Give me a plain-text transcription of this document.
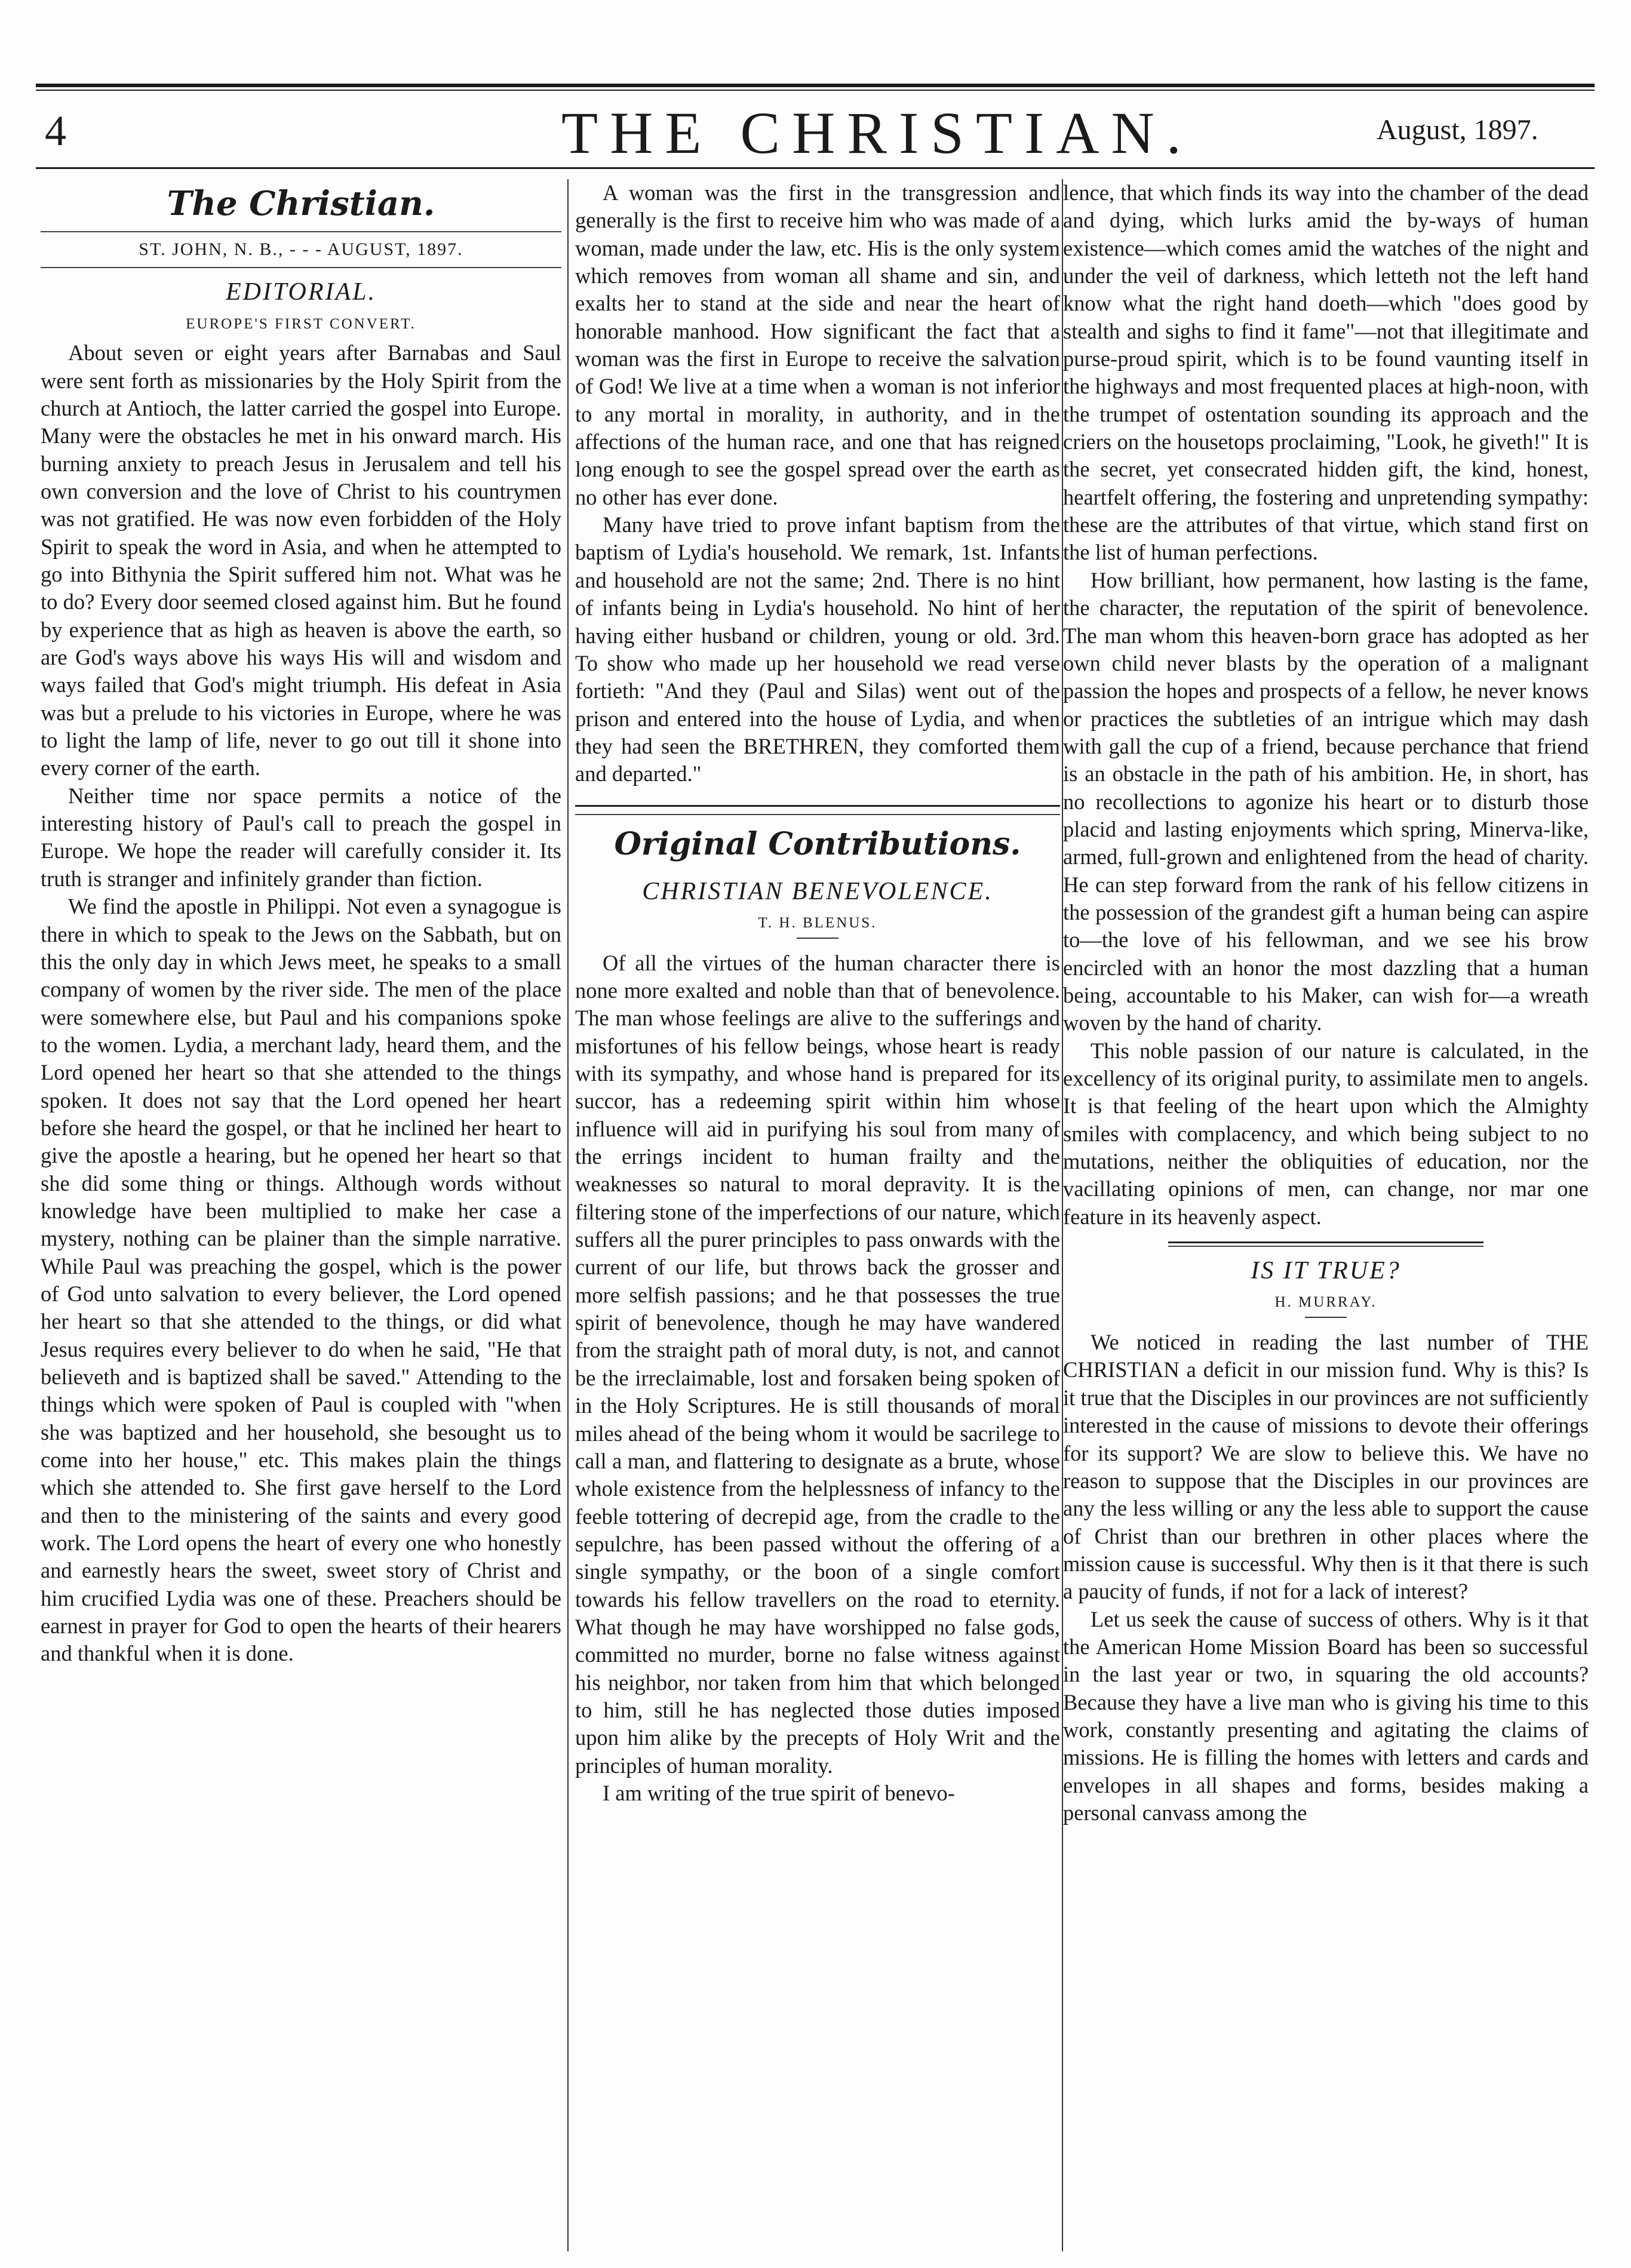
4	THE CHRISTIAN.	August, 1897.
The Christian.
ST. JOHN, N. B., - - - AUGUST, 1897.
EDITORIAL.
EUROPE'S FIRST CONVERT.

About seven or eight years after Barnabas and Saul were sent forth as missionaries by the Holy Spirit from the church at Antioch, the latter carried the gospel into Europe. Many were the obstacles he met in his onward march. His burning anxiety to preach Jesus in Jerusalem and tell his own conversion and the love of Christ to his countrymen was not gratified. He was now even forbidden of the Holy Spirit to speak the word in Asia, and when he attempted to go into Bithynia the Spirit suffered him not. What was he to do? Every door seemed closed against him. But he found by experience that as high as heaven is above the earth, so are God's ways above his ways His will and wisdom and ways failed that God's might triumph. His defeat in Asia was but a prelude to his victories in Europe, where he was to light the lamp of life, never to go out till it shone into every corner of the earth.

Neither time nor space permits a notice of the interesting history of Paul's call to preach the gospel in Europe. We hope the reader will carefully consider it. Its truth is stranger and infinitely grander than fiction.

We find the apostle in Philippi. Not even a synagogue is there in which to speak to the Jews on the Sabbath, but on this the only day in which Jews meet, he speaks to a small company of women by the river side. The men of the place were somewhere else, but Paul and his companions spoke to the women. Lydia, a merchant lady, heard them, and the Lord opened her heart so that she attended to the things spoken. It does not say that the Lord opened her heart before she heard the gospel, or that he inclined her heart to give the apostle a hearing, but he opened her heart so that she did some thing or things. Although words without knowledge have been multiplied to make her case a mystery, nothing can be plainer than the simple narrative. While Paul was preaching the gospel, which is the power of God unto salvation to every believer, the Lord opened her heart so that she attended to the things, or did what Jesus requires every believer to do when he said, "He that believeth and is baptized shall be saved." Attending to the things which were spoken of Paul is coupled with "when she was baptized and her household, she besought us to come into her house," etc. This makes plain the things which she attended to. She first gave herself to the Lord and then to the ministering of the saints and every good work. The Lord opens the heart of every one who honestly and earnestly hears the sweet, sweet story of Christ and him crucified Lydia was one of these. Preachers should be earnest in prayer for God to open the hearts of their hearers and thankful when it is done.

A woman was the first in the transgression and generally is the first to receive him who was made of a woman, made under the law, etc. His is the only system which removes from woman all shame and sin, and exalts her to stand at the side and near the heart of honorable manhood. How significant the fact that a woman was the first in Europe to receive the salvation of God! We live at a time when a woman is not inferior to any mortal in morality, in authority, and in the affections of the human race, and one that has reigned long enough to see the gospel spread over the earth as no other has ever done.

Many have tried to prove infant baptism from the baptism of Lydia's household. We remark, 1st. Infants and household are not the same; 2nd. There is no hint of infants being in Lydia's household. No hint of her having either husband or children, young or old. 3rd. To show who made up her household we read verse fortieth: "And they (Paul and Silas) went out of the prison and entered into the house of Lydia, and when they had seen the BRETHREN, they comforted them and departed."

Original Contributions.
CHRISTIAN BENEVOLENCE.
T. H. BLENUS.

Of all the virtues of the human character there is none more exalted and noble than that of benevolence. The man whose feelings are alive to the sufferings and misfortunes of his fellow beings, whose heart is ready with its sympathy, and whose hand is prepared for its succor, has a redeeming spirit within him whose influence will aid in purifying his soul from many of the errings incident to human frailty and the weaknesses so natural to moral depravity. It is the filtering stone of the imperfections of our nature, which suffers all the purer principles to pass onwards with the current of our life, but throws back the grosser and more selfish passions; and he that possesses the true spirit of benevolence, though he may have wandered from the straight path of moral duty, is not, and cannot be the irreclaimable, lost and forsaken being spoken of in the Holy Scriptures. He is still thousands of moral miles ahead of the being whom it would be sacrilege to call a man, and flattering to designate as a brute, whose whole existence from the helplessness of infancy to the feeble tottering of decrepid age, from the cradle to the sepulchre, has been passed without the offering of a single sympathy, or the boon of a single comfort towards his fellow travellers on the road to eternity. What though he may have worshipped no false gods, committed no murder, borne no false witness against his neighbor, nor taken from him that which belonged to him, still he has neglected those duties imposed upon him alike by the precepts of Holy Writ and the principles of human morality.

I am writing of the true spirit of benevo-

lence, that which finds its way into the chamber of the dead and dying, which lurks amid the by-ways of human existence—which comes amid the watches of the night and under the veil of darkness, which letteth not the left hand know what the right hand doeth—which "does good by stealth and sighs to find it fame"—not that illegitimate and purse-proud spirit, which is to be found vaunting itself in the highways and most frequented places at high-noon, with the trumpet of ostentation sounding its approach and the criers on the housetops proclaiming, "Look, he giveth!" It is the secret, yet consecrated hidden gift, the kind, honest, heartfelt offering, the fostering and unpretending sympathy: these are the attributes of that virtue, which stand first on the list of human perfections.

How brilliant, how permanent, how lasting is the fame, the character, the reputation of the spirit of benevolence. The man whom this heaven-born grace has adopted as her own child never blasts by the operation of a malignant passion the hopes and prospects of a fellow, he never knows or practices the subtleties of an intrigue which may dash with gall the cup of a friend, because perchance that friend is an obstacle in the path of his ambition. He, in short, has no recollections to agonize his heart or to disturb those placid and lasting enjoyments which spring, Minerva-like, armed, full-grown and enlightened from the head of charity. He can step forward from the rank of his fellow citizens in the possession of the grandest gift a human being can aspire to—the love of his fellowman, and we see his brow encircled with an honor the most dazzling that a human being, accountable to his Maker, can wish for—a wreath woven by the hand of charity.

This noble passion of our nature is calculated, in the excellency of its original purity, to assimilate men to angels. It is that feeling of the heart upon which the Almighty smiles with complacency, and which being subject to no mutations, neither the obliquities of education, nor the vacillating opinions of men, can change, nor mar one feature in its heavenly aspect.

IS IT TRUE?
H. MURRAY.

We noticed in reading the last number of THE CHRISTIAN a deficit in our mission fund. Why is this? Is it true that the Disciples in our provinces are not sufficiently interested in the cause of missions to devote their offerings for its support? We are slow to believe this. We have no reason to suppose that the Disciples in our provinces are any the less willing or any the less able to support the cause of Christ than our brethren in other places where the mission cause is successful. Why then is it that there is such a paucity of funds, if not for a lack of interest?

Let us seek the cause of success of others. Why is it that the American Home Mission Board has been so successful in the last year or two, in squaring the old accounts? Because they have a live man who is giving his time to this work, constantly presenting and agitating the claims of missions. He is filling the homes with letters and cards and envelopes in all shapes and forms, besides making a personal canvass among the
